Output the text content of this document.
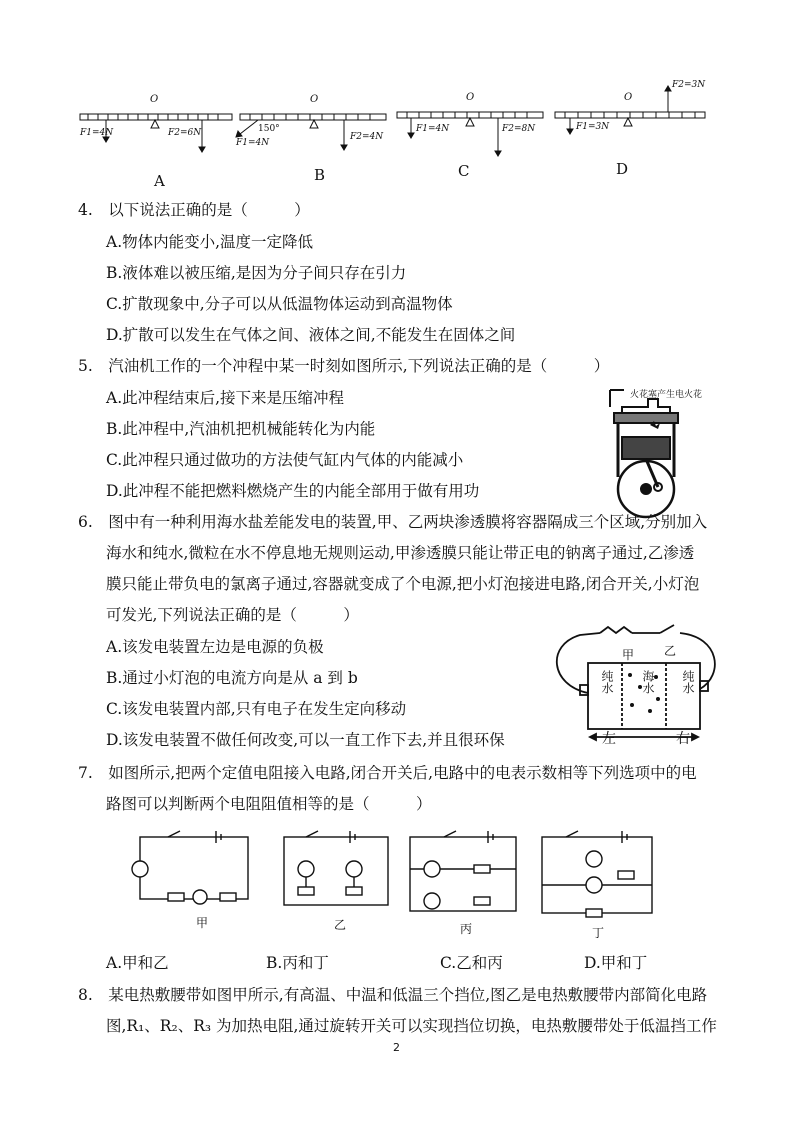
O	O	O	O
F1=4N	F2=6N
F1=4N
F2=4N
150°	F1=4N	F2=8N	F1=3N
F2=3N
A	B	C	D
4.　以下说法正确的是（　　　）
A.物体内能变小,温度一定降低
B.液体难以被压缩,是因为分子间只存在引力
C.扩散现象中,分子可以从低温物体运动到高温物体
D.扩散可以发生在气体之间、液体之间,不能发生在固体之间
5.　汽油机工作的一个冲程中某一时刻如图所示,下列说法正确的是（　　　）
A.此冲程结束后,接下来是压缩冲程
B.此冲程中,汽油机把机械能转化为内能
C.此冲程只通过做功的方法使气缸内气体的内能减小
D.此冲程不能把燃料燃烧产生的内能全部用于做有用功
火花塞产生电火花
6.　图中有一种利用海水盐差能发电的装置,甲、乙两块渗透膜将容器隔成三个区域,分别加入
海水和纯水,微粒在水不停息地无规则运动,甲渗透膜只能让带正电的钠离子通过,乙渗透
膜只能止带负电的氯离子通过,容器就变成了个电源,把小灯泡接进电路,闭合开关,小灯泡
可发光,下列说法正确的是（　　　）
A.该发电装置左边是电源的负极
B.通过小灯泡的电流方向是从 a 到 b
C.该发电装置内部,只有电子在发生定向移动
D.该发电装置不做任何改变,可以一直工作下去,并且很环保
纯水 海水 纯水
甲 乙
左	右
7.　如图所示,把两个定值电阻接入电路,闭合开关后,电路中的电表示数相等下列选项中的电
路图可以判断两个电阻阻值相等的是（　　　）
甲	乙	丙	丁
A.甲和乙	B.丙和丁	C.乙和丙	D.甲和丁
8.　某电热敷腰带如图甲所示,有高温、中温和低温三个挡位,图乙是电热敷腰带内部简化电路
图,R₁、R₂、R₃ 为加热电阻,通过旋转开关可以实现挡位切换，电热敷腰带处于低温挡工作
2
